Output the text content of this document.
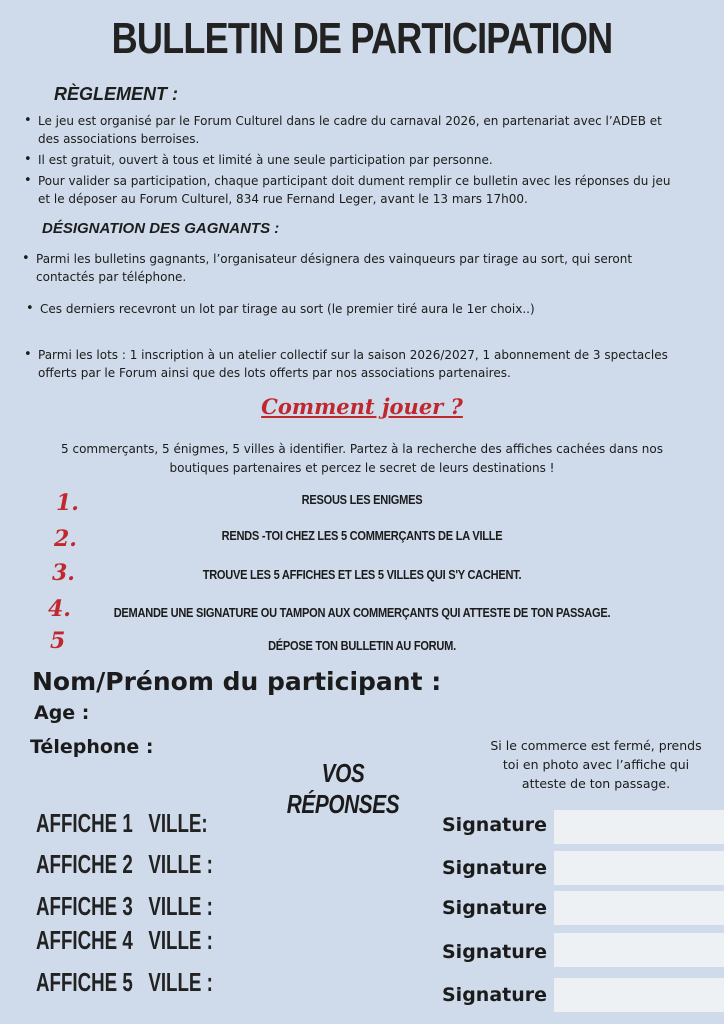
BULLETIN DE PARTICIPATION
RÈGLEMENT :
• Le jeu est organisé par le Forum Culturel dans le cadre du carnaval 2026, en partenariat avec l’ADEB et des associations berroises.
• Il est gratuit, ouvert à tous et limité à une seule participation par personne.
• Pour valider sa participation, chaque participant doit dument remplir ce bulletin avec les réponses du jeu et le déposer au Forum Culturel, 834 rue Fernand Leger, avant le 13 mars 17h00.
DÉSIGNATION DES GAGNANTS :
• Parmi les bulletins gagnants, l’organisateur désignera des vainqueurs par tirage au sort, qui seront contactés par téléphone.
• Ces derniers recevront un lot par tirage au sort (le premier tiré aura le 1er choix..)
• Parmi les lots : 1 inscription à un atelier collectif sur la saison 2026/2027, 1 abonnement de 3 spectacles offerts par le Forum ainsi que des lots offerts par nos associations partenaires.
Comment jouer ?
5 commerçants, 5 énigmes, 5 villes à identifier. Partez à la recherche des affiches cachées dans nos boutiques partenaires et percez le secret de leurs destinations !
1.	RESOUS LES ENIGMES
2.	RENDS -TOI CHEZ LES 5 COMMERÇANTS DE LA VILLE
3.	TROUVE LES 5 AFFICHES ET LES 5 VILLES QUI S'Y CACHENT.
4.	DEMANDE UNE SIGNATURE OU TAMPON AUX COMMERÇANTS QUI ATTESTE DE TON PASSAGE.
5	DÉPOSE TON BULLETIN AU FORUM.
Nom/Prénom du participant :
Age :
Télephone :	Si le commerce est fermé, prends toi en photo avec l’affiche qui atteste de ton passage.
VOS RÉPONSES
AFFICHE 1 VILLE:	Signature
AFFICHE 2 VILLE :	Signature
AFFICHE 3 VILLE :	Signature
AFFICHE 4 VILLE :	Signature
AFFICHE 5 VILLE :	Signature
